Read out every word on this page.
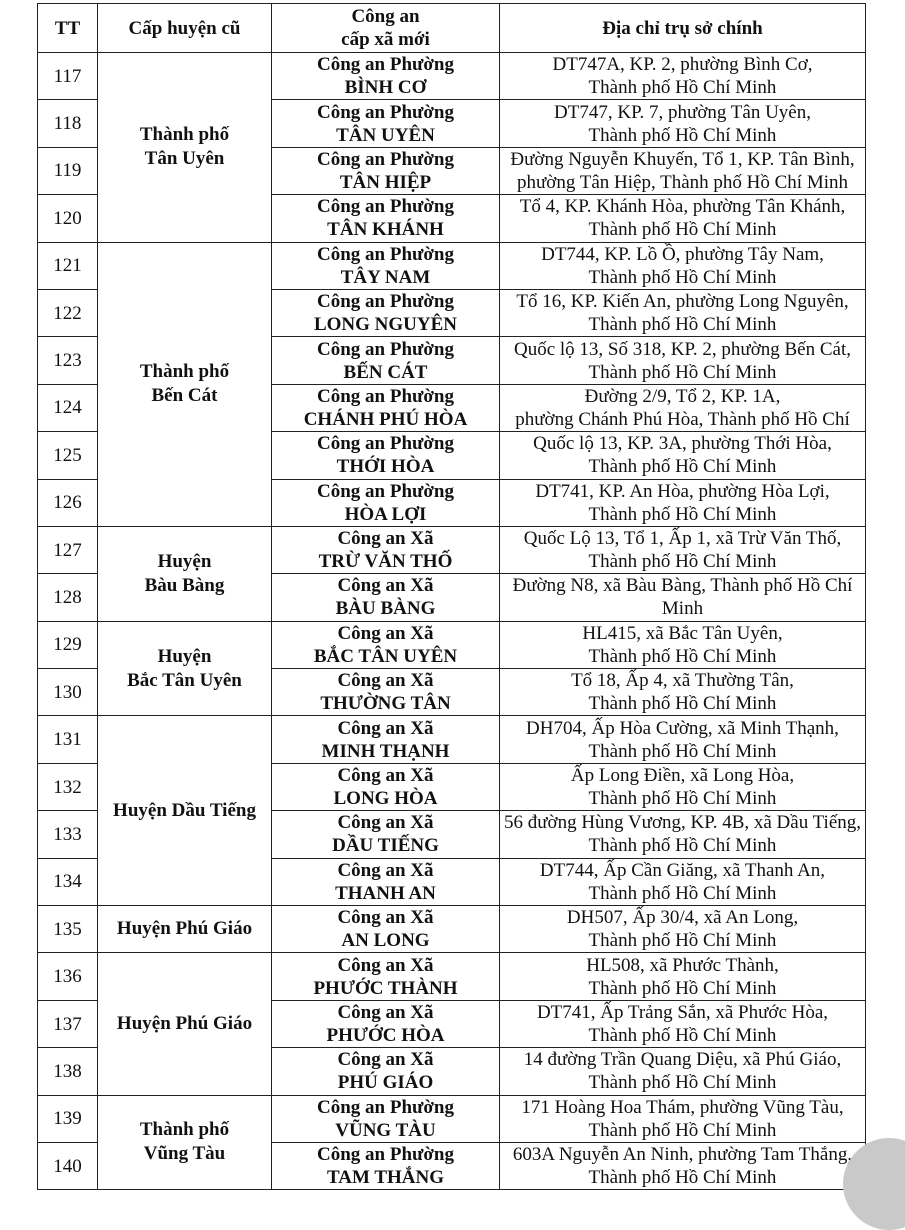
TT	Cấp huyện cũ	Công an
cấp xã mới	Địa chỉ trụ sở chính
117	Thành phố
Tân Uyên	Công an Phường
BÌNH CƠ	DT747A, KP. 2, phường Bình Cơ,
Thành phố Hồ Chí Minh

118		Công an Phường
TÂN UYÊN	DT747, KP. 7, phường Tân Uyên,
Thành phố Hồ Chí Minh

119		Công an Phường
TÂN HIỆP	Đường Nguyễn Khuyến, Tổ 1, KP. Tân Bình,
phường Tân Hiệp, Thành phố Hồ Chí Minh

120		Công an Phường
TÂN KHÁNH	Tổ 4, KP. Khánh Hòa, phường Tân Khánh,
Thành phố Hồ Chí Minh

121	Thành phố
Bến Cát	Công an Phường
TÂY NAM	DT744, KP. Lồ Ồ, phường Tây Nam,
Thành phố Hồ Chí Minh

122		Công an Phường
LONG NGUYÊN	Tổ 16, KP. Kiến An, phường Long Nguyên,
Thành phố Hồ Chí Minh

123		Công an Phường
BẾN CÁT	Quốc lộ 13, Số 318, KP. 2, phường Bến Cát,
Thành phố Hồ Chí Minh

124		Công an Phường
CHÁNH PHÚ HÒA	Đường 2/9, Tổ 2, KP. 1A,
phường Chánh Phú Hòa, Thành phố Hồ Chí

125		Công an Phường
THỚI HÒA	Quốc lộ 13, KP. 3A, phường Thới Hòa,
Thành phố Hồ Chí Minh

126		Công an Phường
HÒA LỢI	DT741, KP. An Hòa, phường Hòa Lợi,
Thành phố Hồ Chí Minh

127	Huyện
Bàu Bàng	Công an Xã
TRỪ VĂN THỐ	Quốc Lộ 13, Tổ 1, Ấp 1, xã Trừ Văn Thố,
Thành phố Hồ Chí Minh

128		Công an Xã
BÀU BÀNG	Đường N8, xã Bàu Bàng, Thành phố Hồ Chí
Minh

129	Huyện
Bắc Tân Uyên	Công an Xã
BẮC TÂN UYÊN	HL415, xã Bắc Tân Uyên,
Thành phố Hồ Chí Minh

130		Công an Xã
THƯỜNG TÂN	Tổ 18, Ấp 4, xã Thường Tân,
Thành phố Hồ Chí Minh

131	Huyện Dầu Tiếng	Công an Xã
MINH THẠNH	DH704, Ấp Hòa Cường, xã Minh Thạnh,
Thành phố Hồ Chí Minh

132		Công an Xã
LONG HÒA	Ấp Long Điền, xã Long Hòa,
Thành phố Hồ Chí Minh

133		Công an Xã
DẦU TIẾNG	56 đường Hùng Vương, KP. 4B, xã Dầu Tiếng,
Thành phố Hồ Chí Minh

134		Công an Xã
THANH AN	DT744, Ấp Cần Giăng, xã Thanh An,
Thành phố Hồ Chí Minh

135	Huyện Phú Giáo	Công an Xã
AN LONG	DH507, Ấp 30/4, xã An Long,
Thành phố Hồ Chí Minh

136	Huyện Phú Giáo	Công an Xã
PHƯỚC THÀNH	HL508, xã Phước Thành,
Thành phố Hồ Chí Minh

137		Công an Xã
PHƯỚC HÒA	DT741, Ấp Trảng Sắn, xã Phước Hòa,
Thành phố Hồ Chí Minh

138		Công an Xã
PHÚ GIÁO	14 đường Trần Quang Diệu, xã Phú Giáo,
Thành phố Hồ Chí Minh

139	Thành phố
Vũng Tàu	Công an Phường
VŨNG TÀU	171 Hoàng Hoa Thám, phường Vũng Tàu,
Thành phố Hồ Chí Minh

140		Công an Phường
TAM THẮNG	603A Nguyễn An Ninh, phường Tam Thắng,
Thành phố Hồ Chí Minh
